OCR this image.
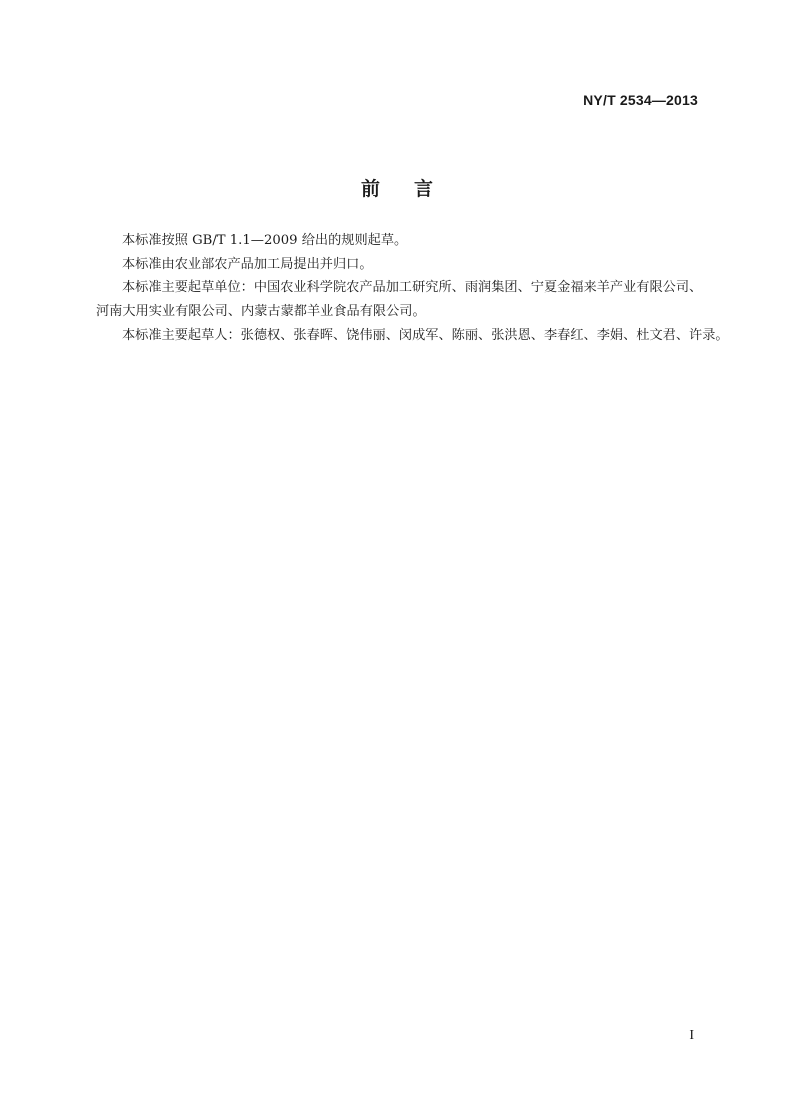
NY/T 2534—2013
前言

本标准按照 GB/T 1.1—2009 给出的规则起草。

本标准由农业部农产品加工局提出并归口。

本标准主要起草单位：中国农业科学院农产品加工研究所、雨润集团、宁夏金福来羊产业有限公司、
河南大用实业有限公司、内蒙古蒙都羊业食品有限公司。

本标准主要起草人：张德权、张春晖、饶伟丽、闵成军、陈丽、张洪恩、李春红、李娟、杜文君、许录。

I
